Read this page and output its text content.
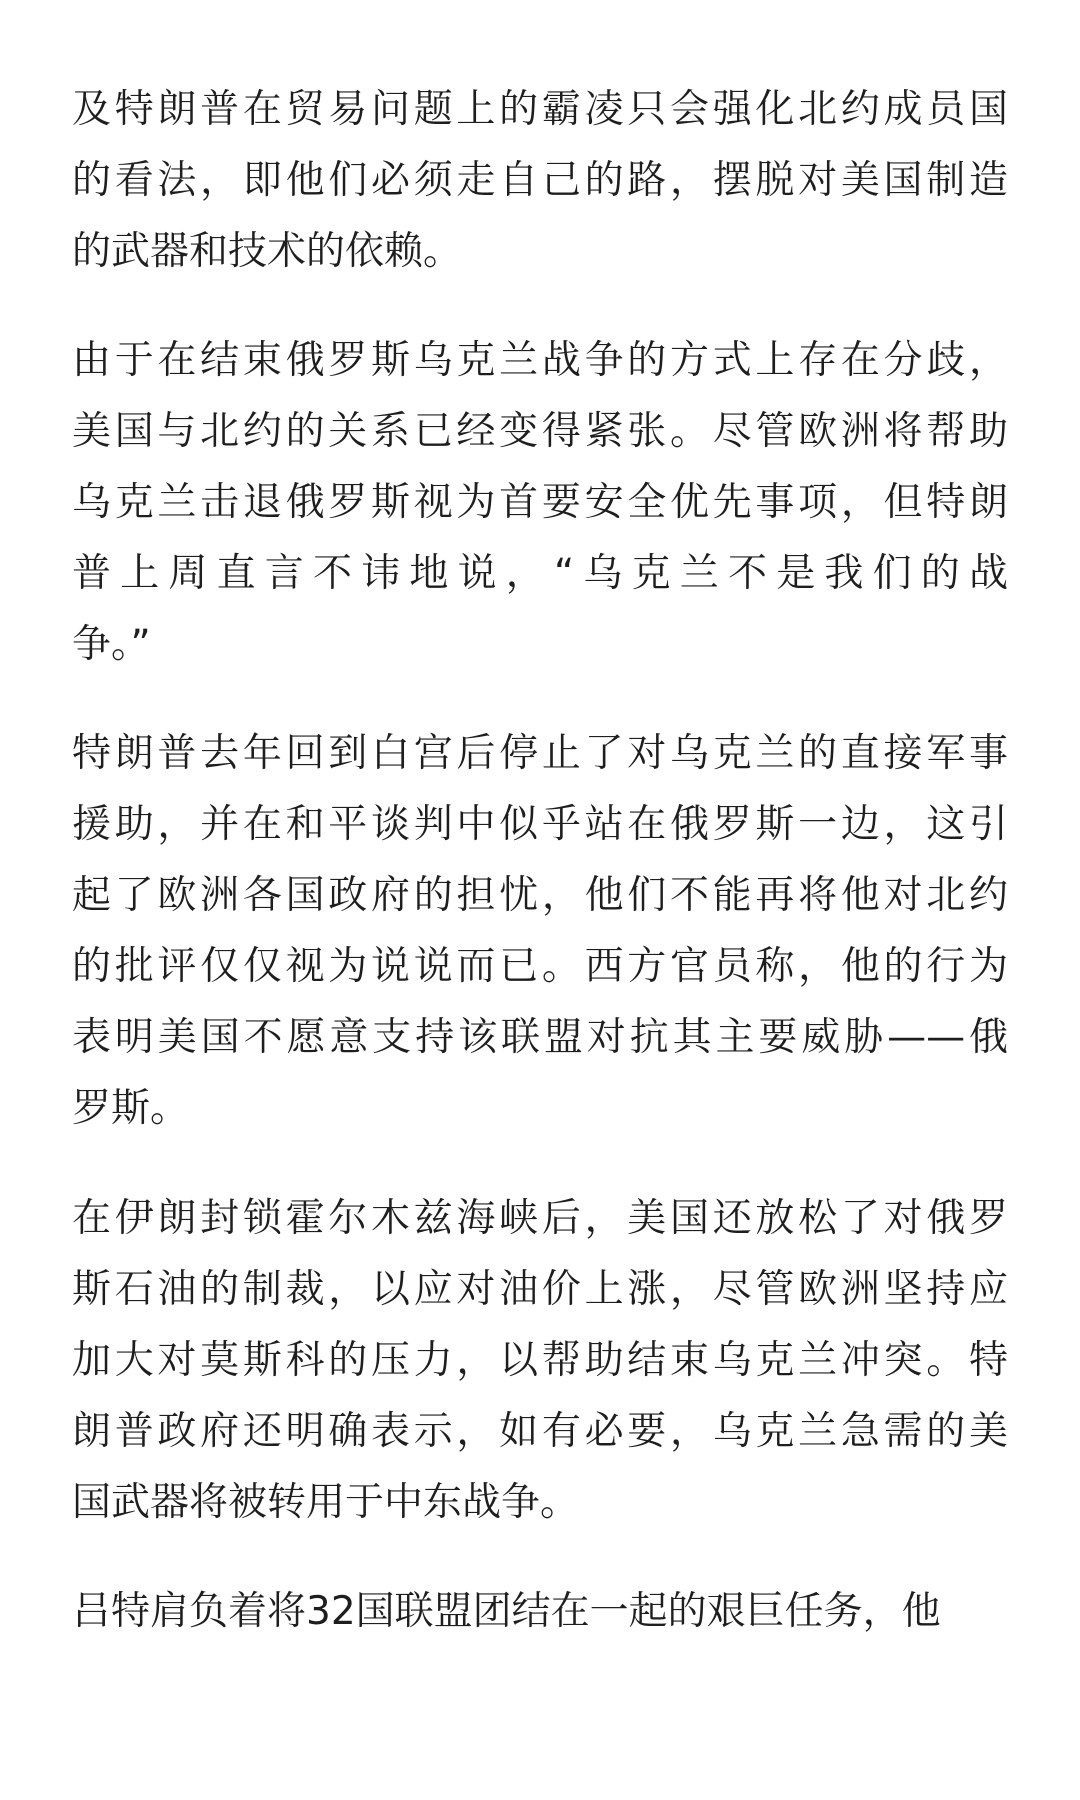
及特朗普在贸易问题上的霸凌只会强化北约成员国
的看法，即他们必须走自己的路，摆脱对美国制造
的武器和技术的依赖。
由于在结束俄罗斯乌克兰战争的方式上存在分歧，
美国与北约的关系已经变得紧张。尽管欧洲将帮助
乌克兰击退俄罗斯视为首要安全优先事项，但特朗
普上周直言不讳地说，“乌克兰不是我们的战
争。”
特朗普去年回到白宫后停止了对乌克兰的直接军事
援助，并在和平谈判中似乎站在俄罗斯一边，这引
起了欧洲各国政府的担忧，他们不能再将他对北约
的批评仅仅视为说说而已。西方官员称，他的行为
表明美国不愿意支持该联盟对抗其主要威胁——俄
罗斯。
在伊朗封锁霍尔木兹海峡后，美国还放松了对俄罗
斯石油的制裁，以应对油价上涨，尽管欧洲坚持应
加大对莫斯科的压力，以帮助结束乌克兰冲突。特
朗普政府还明确表示，如有必要，乌克兰急需的美
国武器将被转用于中东战争。
吕特肩负着将32国联盟团结在一起的艰巨任务，他
